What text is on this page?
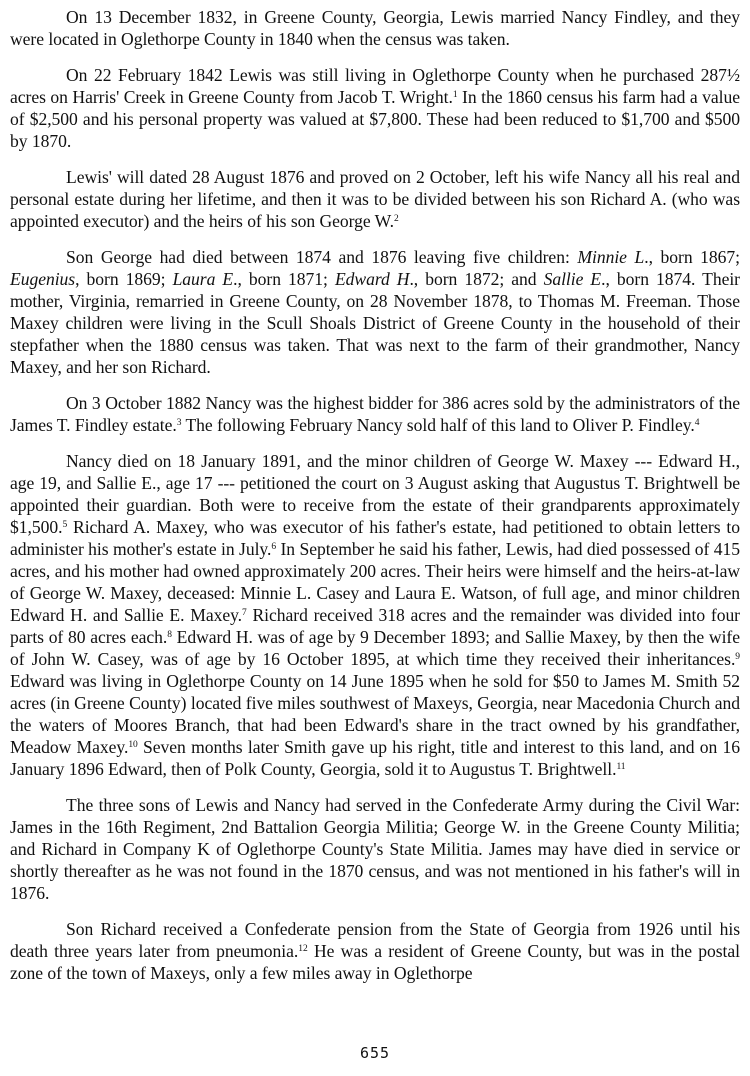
On 13 December 1832, in Greene County, Georgia, Lewis married Nancy Findley, and they were located in Oglethorpe County in 1840 when the census was taken.

On 22 February 1842 Lewis was still living in Oglethorpe County when he purchased 287½ acres on Harris' Creek in Greene County from Jacob T. Wright.$^1$ In the 1860 census his farm had a value of $2,500 and his personal property was valued at $7,800. These had been reduced to $1,700 and $500 by 1870.

Lewis' will dated 28 August 1876 and proved on 2 October, left his wife Nancy all his real and personal estate during her lifetime, and then it was to be divided between his son Richard A. (who was appointed executor) and the heirs of his son George W.$^2$

Son George had died between 1874 and 1876 leaving five children: Minnie L., born 1867; Eugenius, born 1869; Laura E., born 1871; Edward H., born 1872; and Sallie E., born 1874. Their mother, Virginia, remarried in Greene County, on 28 November 1878, to Thomas M. Freeman. Those Maxey children were living in the Scull Shoals District of Greene County in the household of their stepfather when the 1880 census was taken. That was next to the farm of their grandmother, Nancy Maxey, and her son Richard.

On 3 October 1882 Nancy was the highest bidder for 386 acres sold by the administrators of the James T. Findley estate.$^3$ The following February Nancy sold half of this land to Oliver P. Findley.$^4$

Nancy died on 18 January 1891, and the minor children of George W. Maxey --- Edward H., age 19, and Sallie E., age 17 --- petitioned the court on 3 August asking that Augustus T. Brightwell be appointed their guardian. Both were to receive from the estate of their grandparents approximately $1,500.$^5$ Richard A. Maxey, who was executor of his father's estate, had petitioned to obtain letters to administer his mother's estate in July.$^6$ In September he said his father, Lewis, had died possessed of 415 acres, and his mother had owned approximately 200 acres. Their heirs were himself and the heirs-at-law of George W. Maxey, deceased: Minnie L. Casey and Laura E. Watson, of full age, and minor children Edward H. and Sallie E. Maxey.$^7$ Richard received 318 acres and the remainder was divided into four parts of 80 acres each.$^8$ Edward H. was of age by 9 December 1893; and Sallie Maxey, by then the wife of John W. Casey, was of age by 16 October 1895, at which time they received their inheritances.$^9$ Edward was living in Oglethorpe County on 14 June 1895 when he sold for $50 to James M. Smith 52 acres (in Greene County) located five miles southwest of Maxeys, Georgia, near Macedonia Church and the waters of Moores Branch, that had been Edward's share in the tract owned by his grandfather, Meadow Maxey.$^{10}$ Seven months later Smith gave up his right, title and interest to this land, and on 16 January 1896 Edward, then of Polk County, Georgia, sold it to Augustus T. Brightwell.$^{11}$

The three sons of Lewis and Nancy had served in the Confederate Army during the Civil War: James in the 16th Regiment, 2nd Battalion Georgia Militia; George W. in the Greene County Militia; and Richard in Company K of Oglethorpe County's State Militia. James may have died in service or shortly thereafter as he was not found in the 1870 census, and was not mentioned in his father's will in 1876.

Son Richard received a Confederate pension from the State of Georgia from 1926 until his death three years later from pneumonia.$^{12}$ He was a resident of Greene County, but was in the postal zone of the town of Maxeys, only a few miles away in Oglethorpe

655
